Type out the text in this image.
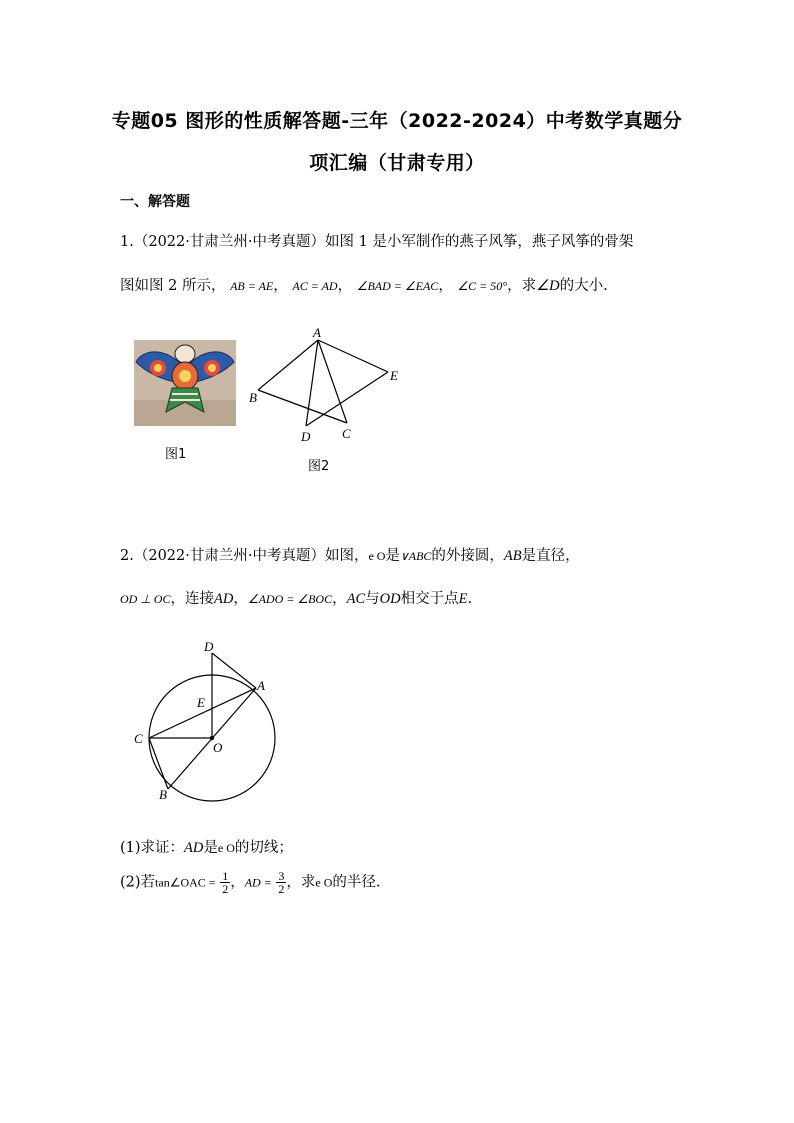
专题05 图形的性质解答题-三年（2022-2024）中考数学真题分
项汇编（甘肃专用）
一、解答题
1.（2022·甘肃兰州·中考真题）如图 1 是小军制作的燕子风筝，燕子风筝的骨架
图如图 2 所示， AB = AE， AC = AD， ∠BAD = ∠EAC， ∠C = 50°，求∠D的大小.
图1
A
B
C
D
E
图2
2.（2022·甘肃兰州·中考真题）如图，e O是∨ABC的外接圆，AB是直径，
OD ⊥ OC，连接AD，∠ADO = ∠BOC，AC与OD相交于点E.
D
A
E
C
O
B
(1)求证：AD是e O的切线；
(2)若tan∠OAC = $\frac{1}{2}$ ，AD = $\frac{3}{2}$ ，求e O的半径.
